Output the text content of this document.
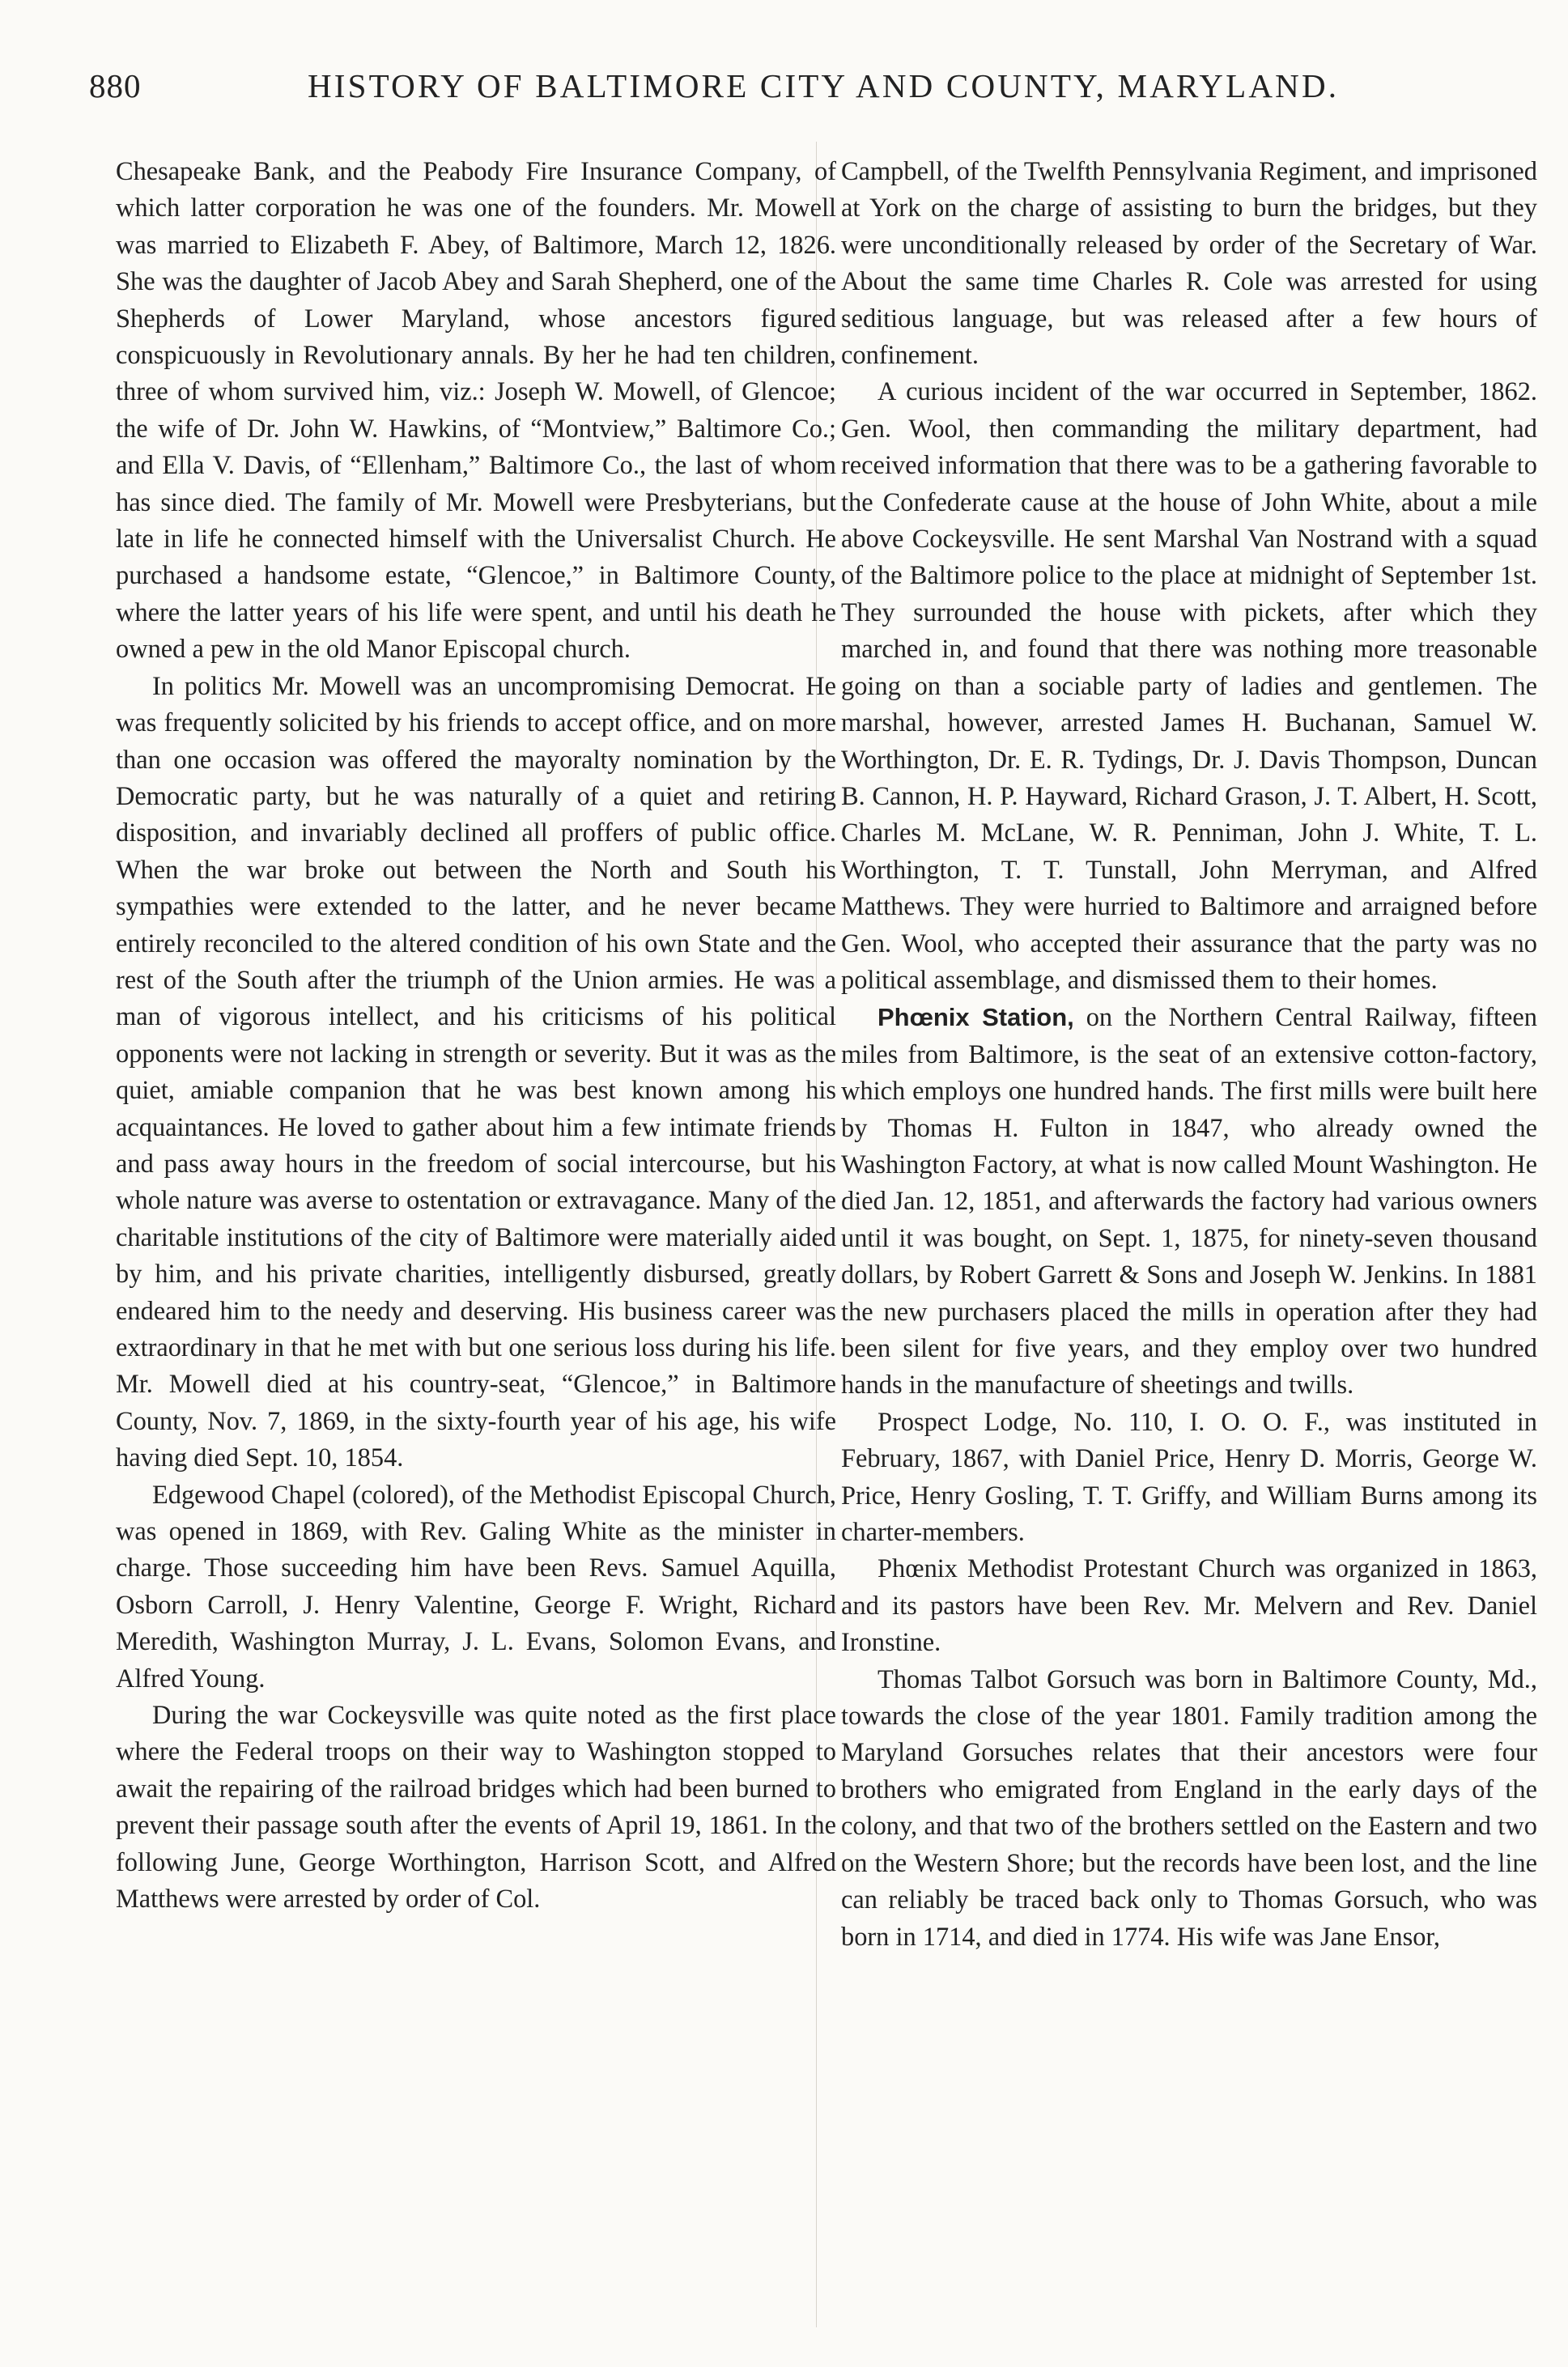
880	HISTORY OF BALTIMORE CITY AND COUNTY, MARYLAND.

Chesapeake Bank, and the Peabody Fire Insurance Company, of which latter corporation he was one of the founders. Mr. Mowell was married to Elizabeth F. Abey, of Baltimore, March 12, 1826. She was the daughter of Jacob Abey and Sarah Shepherd, one of the Shepherds of Lower Maryland, whose ancestors figured conspicuously in Revolutionary annals. By her he had ten children, three of whom survived him, viz.: Joseph W. Mowell, of Glencoe; the wife of Dr. John W. Hawkins, of “Montview,” Baltimore Co.; and Ella V. Davis, of “Ellenham,” Baltimore Co., the last of whom has since died. The family of Mr. Mowell were Presbyterians, but late in life he connected himself with the Universalist Church. He purchased a handsome estate, “Glencoe,” in Baltimore County, where the latter years of his life were spent, and until his death he owned a pew in the old Manor Episcopal church.

In politics Mr. Mowell was an uncompromising Democrat. He was frequently solicited by his friends to accept office, and on more than one occasion was offered the mayoralty nomination by the Democratic party, but he was naturally of a quiet and retiring disposition, and invariably declined all proffers of public office. When the war broke out between the North and South his sympathies were extended to the latter, and he never became entirely reconciled to the altered condition of his own State and the rest of the South after the triumph of the Union armies. He was a man of vigorous intellect, and his criticisms of his political opponents were not lacking in strength or severity. But it was as the quiet, amiable companion that he was best known among his acquaintances. He loved to gather about him a few intimate friends and pass away hours in the freedom of social intercourse, but his whole nature was averse to ostentation or extravagance. Many of the charitable institutions of the city of Baltimore were materially aided by him, and his private charities, intelligently disbursed, greatly endeared him to the needy and deserving. His business career was extraordinary in that he met with but one serious loss during his life. Mr. Mowell died at his country-seat, “Glencoe,” in Baltimore County, Nov. 7, 1869, in the sixty-fourth year of his age, his wife having died Sept. 10, 1854.

Edgewood Chapel (colored), of the Methodist Episcopal Church, was opened in 1869, with Rev. Galing White as the minister in charge. Those succeeding him have been Revs. Samuel Aquilla, Osborn Carroll, J. Henry Valentine, George F. Wright, Richard Meredith, Washington Murray, J. L. Evans, Solomon Evans, and Alfred Young.

During the war Cockeysville was quite noted as the first place where the Federal troops on their way to Washington stopped to await the repairing of the railroad bridges which had been burned to prevent their passage south after the events of April 19, 1861. In the following June, George Worthington, Harrison Scott, and Alfred Matthews were arrested by order of Col.

Campbell, of the Twelfth Pennsylvania Regiment, and imprisoned at York on the charge of assisting to burn the bridges, but they were unconditionally released by order of the Secretary of War. About the same time Charles R. Cole was arrested for using seditious language, but was released after a few hours of confinement.

A curious incident of the war occurred in September, 1862. Gen. Wool, then commanding the military department, had received information that there was to be a gathering favorable to the Confederate cause at the house of John White, about a mile above Cockeysville. He sent Marshal Van Nostrand with a squad of the Baltimore police to the place at midnight of September 1st. They surrounded the house with pickets, after which they marched in, and found that there was nothing more treasonable going on than a sociable party of ladies and gentlemen. The marshal, however, arrested James H. Buchanan, Samuel W. Worthington, Dr. E. R. Tydings, Dr. J. Davis Thompson, Duncan B. Cannon, H. P. Hayward, Richard Grason, J. T. Albert, H. Scott, Charles M. McLane, W. R. Penniman, John J. White, T. L. Worthington, T. T. Tunstall, John Merryman, and Alfred Matthews. They were hurried to Baltimore and arraigned before Gen. Wool, who accepted their assurance that the party was no political assemblage, and dismissed them to their homes.

Phœnix Station, on the Northern Central Railway, fifteen miles from Baltimore, is the seat of an extensive cotton-factory, which employs one hundred hands. The first mills were built here by Thomas H. Fulton in 1847, who already owned the Washington Factory, at what is now called Mount Washington. He died Jan. 12, 1851, and afterwards the factory had various owners until it was bought, on Sept. 1, 1875, for ninety-seven thousand dollars, by Robert Garrett & Sons and Joseph W. Jenkins. In 1881 the new purchasers placed the mills in operation after they had been silent for five years, and they employ over two hundred hands in the manufacture of sheetings and twills.

Prospect Lodge, No. 110, I. O. O. F., was instituted in February, 1867, with Daniel Price, Henry D. Morris, George W. Price, Henry Gosling, T. T. Griffy, and William Burns among its charter-members.

Phœnix Methodist Protestant Church was organized in 1863, and its pastors have been Rev. Mr. Melvern and Rev. Daniel Ironstine.

Thomas Talbot Gorsuch was born in Baltimore County, Md., towards the close of the year 1801. Family tradition among the Maryland Gorsuches relates that their ancestors were four brothers who emigrated from England in the early days of the colony, and that two of the brothers settled on the Eastern and two on the Western Shore; but the records have been lost, and the line can reliably be traced back only to Thomas Gorsuch, who was born in 1714, and died in 1774. His wife was Jane Ensor,
